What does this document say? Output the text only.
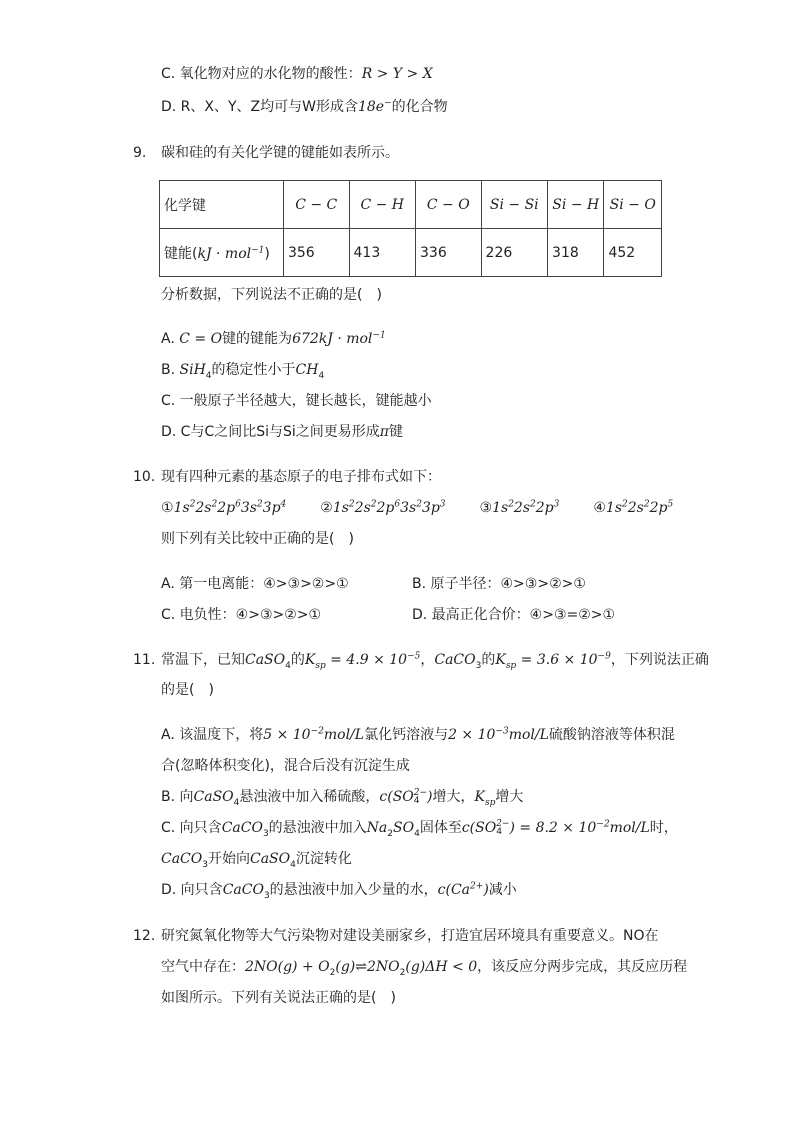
C. 氧化物对应的水化物的酸性：R > Y > X
D. R、X、Y、Z均可与W形成含18e−的化合物
9. 碳和硅的有关化学键的键能如表所示。
化学键	C − C	C − H	C − O	Si − Si	Si − H	Si − O
键能(kJ · mol$^{-1}$)	356	413	336	226	318	452
分析数据，下列说法不正确的是(　)
A. C = O键的键能为672kJ · mol$^{-1}$
B. SiH$_4$的稳定性小于$CH_4$
C. 一般原子半径越大，键长越长，键能越小
D. C与C之间比Si与Si之间更易形成π键
10. 现有四种元素的基态原子的电子排布式如下：
$①1s^22s^22p^63s^23p^4$ $②1s^22s^22p^63s^23p^3$ $③1s^22s^22p^3$ $④1s^22s^22p^5$
则下列有关比较中正确的是(　)
A. 第一电离能：④>③>②>①	B. 原子半径：④>③>②>①
C. 电负性：④>③>②>①	D. 最高正化合价：④>③=②>①
11. 常温下，已知CaSO$_4$的$K_{sp} = 4.9 \times 10^{-5}$，CaCO$_3$的$K_{sp} = 3.6 \times 10^{-9}$，下列说法正确
的是(　)
A. 该温度下，将$5 \times 10^{-2}mol/L$氯化钙溶液与$2 \times 10^{-3}mol/L$硫酸钠溶液等体积混
合(忽略体积变化)，混合后没有沉淀生成
B. 向CaSO$_4$悬浊液中加入稀硫酸，c(SO 2−
4 )增大，$K_{sp}$增大
C. 向只含CaCO$_3$的悬浊液中加入$Na_2SO_4$固体至c(SO 2−
4 ) = $8.2 \times 10^{-2}mol/L$时，
CaCO$_3$开始向CaSO$_4$沉淀转化
D. 向只含CaCO$_3$的悬浊液中加入少量的水，$c(Ca^{2+})$减小
12. 研究氮氧化物等大气污染物对建设美丽家乡，打造宜居环境具有重要意义。NO在
空气中存在：$2NO(g) + O_2(g)\rightleftharpoons 2NO_2(g)\Delta H < 0$，该反应分两步完成，其反应历程
如图所示。下列有关说法正确的是(　)
